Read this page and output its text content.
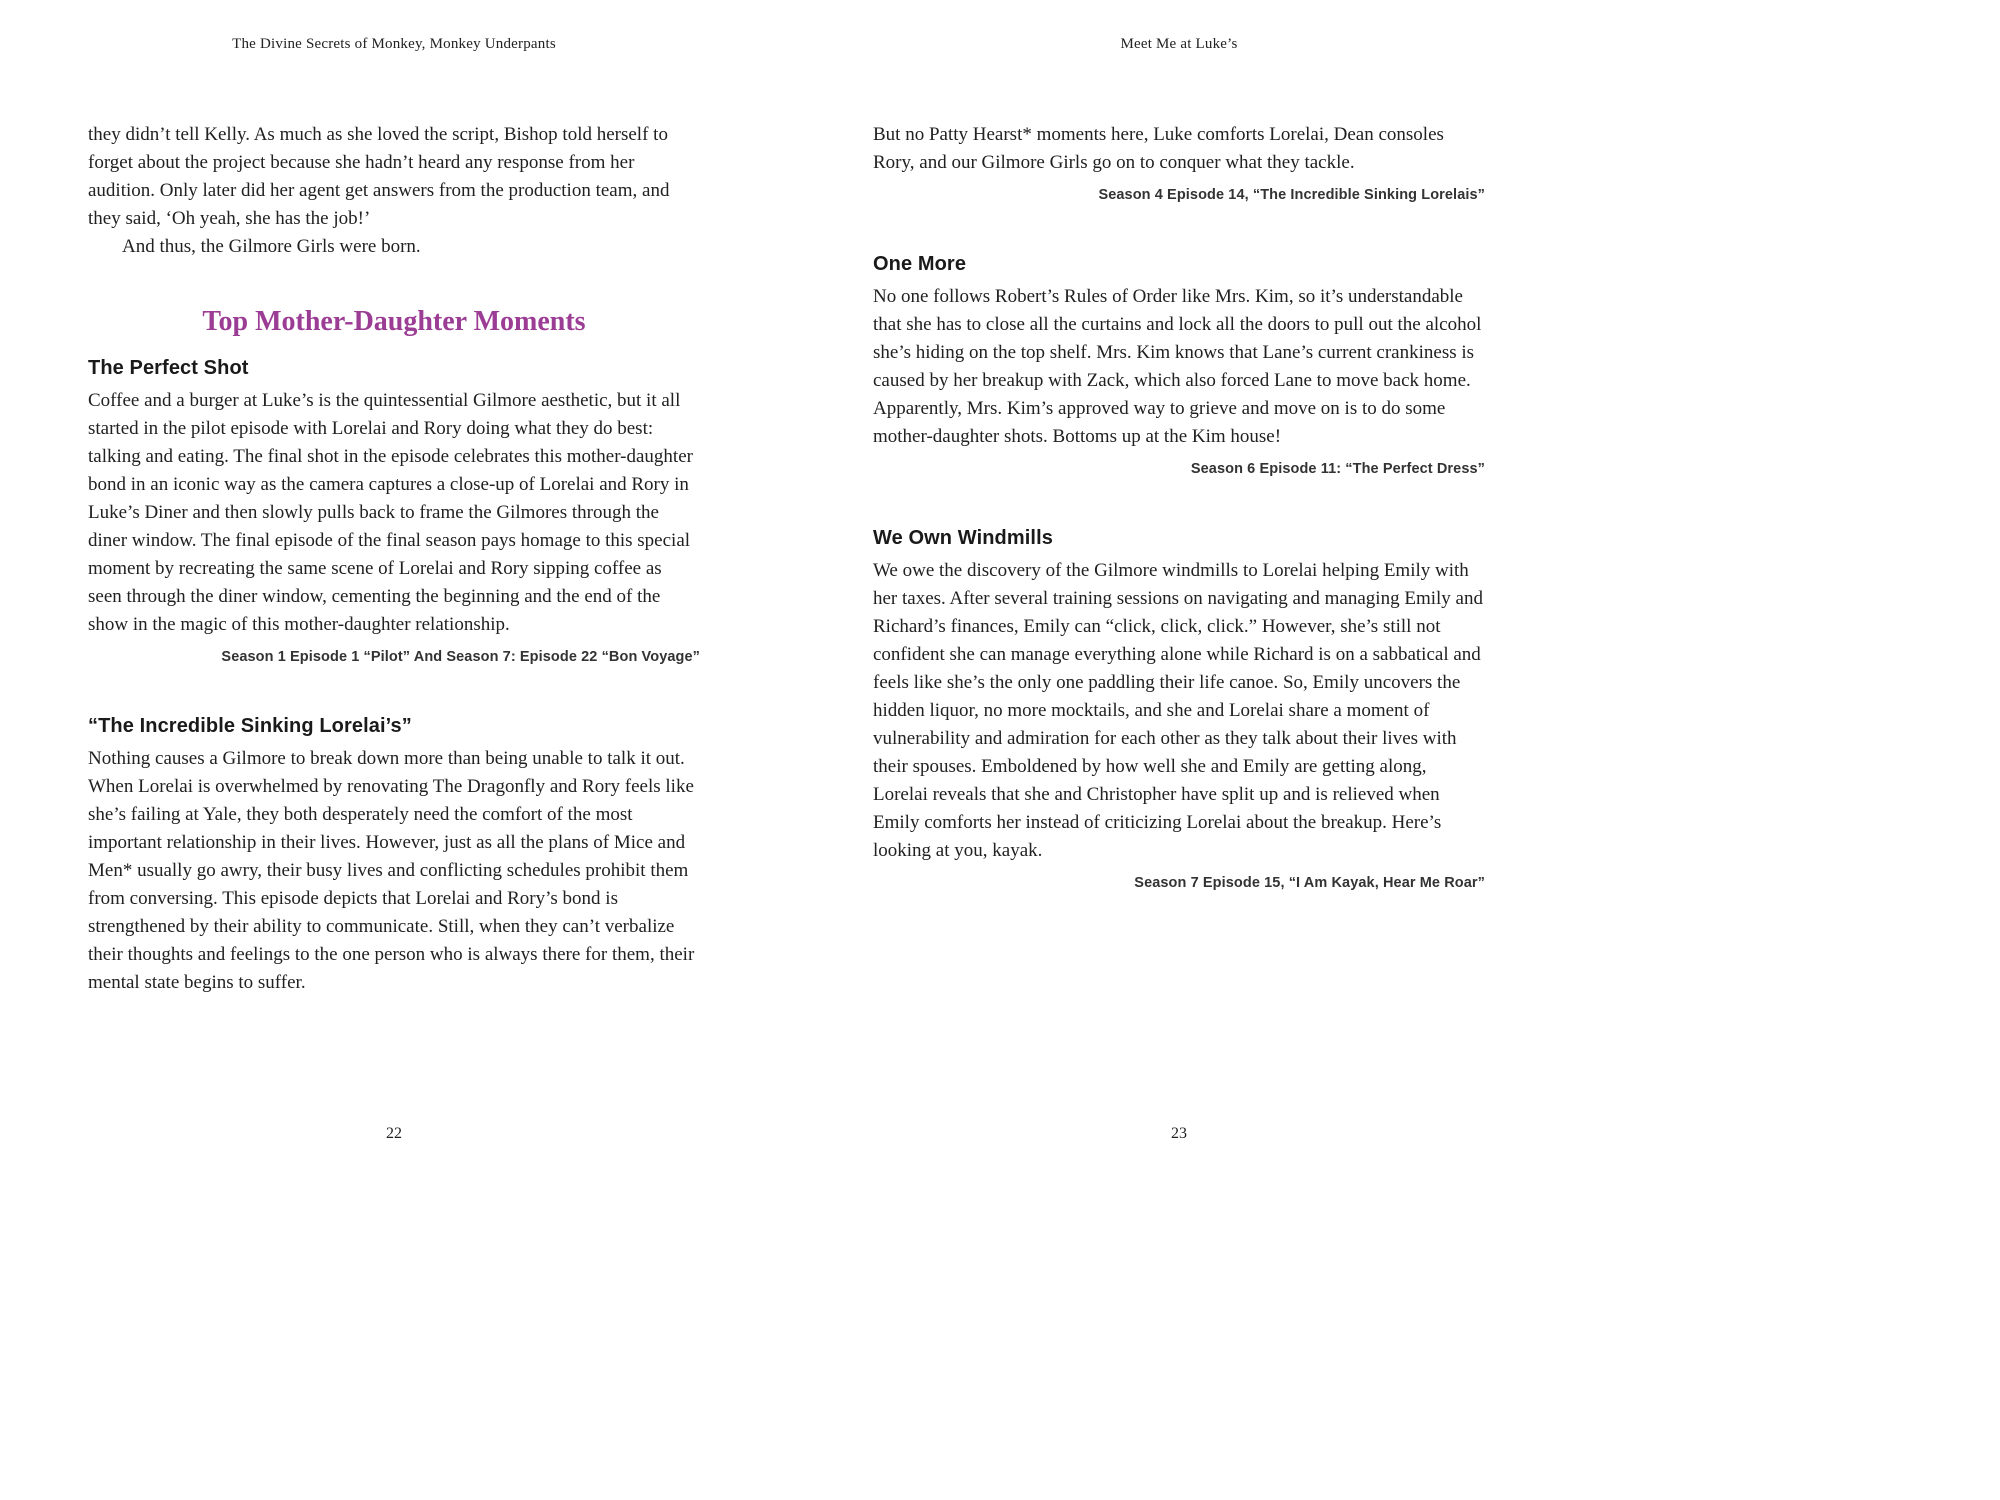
The Divine Secrets of Monkey, Monkey Underpants

they didn’t tell Kelly. As much as she loved the script, Bishop told herself to forget about the project because she hadn’t heard any response from her audition. Only later did her agent get answers from the production team, and they said, ‘Oh yeah, she has the job!’

And thus, the Gilmore Girls were born.

Top Mother-Daughter Moments
The Perfect Shot

Coffee and a burger at Luke’s is the quintessential Gilmore aesthetic, but it all started in the pilot episode with Lorelai and Rory doing what they do best: talking and eating. The final shot in the episode celebrates this mother-daughter bond in an iconic way as the camera captures a close-up of Lorelai and Rory in Luke’s Diner and then slowly pulls back to frame the Gilmores through the diner window. The final episode of the final season pays homage to this special moment by recreating the same scene of Lorelai and Rory sipping coffee as seen through the diner window, cementing the beginning and the end of the show in the magic of this mother-daughter relationship.

Season 1 Episode 1 “Pilot” And Season 7: Episode 22 “Bon Voyage”

“The Incredible Sinking Lorelai’s”

Nothing causes a Gilmore to break down more than being unable to talk it out. When Lorelai is overwhelmed by renovating The Dragonfly and Rory feels like she’s failing at Yale, they both desperately need the comfort of the most important relationship in their lives. However, just as all the plans of Mice and Men* usually go awry, their busy lives and conflicting schedules prohibit them from conversing. This episode depicts that Lorelai and Rory’s bond is strengthened by their ability to communicate. Still, when they can’t verbalize their thoughts and feelings to the one person who is always there for them, their mental state begins to suffer.

22
Meet Me at Luke’s

But no Patty Hearst* moments here, Luke comforts Lorelai, Dean consoles Rory, and our Gilmore Girls go on to conquer what they tackle.

Season 4 Episode 14, “The Incredible Sinking Lorelais”

One More

No one follows Robert’s Rules of Order like Mrs. Kim, so it’s understandable that she has to close all the curtains and lock all the doors to pull out the alcohol she’s hiding on the top shelf. Mrs. Kim knows that Lane’s current crankiness is caused by her breakup with Zack, which also forced Lane to move back home. Apparently, Mrs. Kim’s approved way to grieve and move on is to do some mother-daughter shots. Bottoms up at the Kim house!

Season 6 Episode 11: “The Perfect Dress”

We Own Windmills

We owe the discovery of the Gilmore windmills to Lorelai helping Emily with her taxes. After several training sessions on navigating and managing Emily and Richard’s finances, Emily can “click, click, click.” However, she’s still not confident she can manage everything alone while Richard is on a sabbatical and feels like she’s the only one paddling their life canoe. So, Emily uncovers the hidden liquor, no more mocktails, and she and Lorelai share a moment of vulnerability and admiration for each other as they talk about their lives with their spouses. Emboldened by how well she and Emily are getting along, Lorelai reveals that she and Christopher have split up and is relieved when Emily comforts her instead of criticizing Lorelai about the breakup. Here’s looking at you, kayak.

Season 7 Episode 15, “I Am Kayak, Hear Me Roar”

23
